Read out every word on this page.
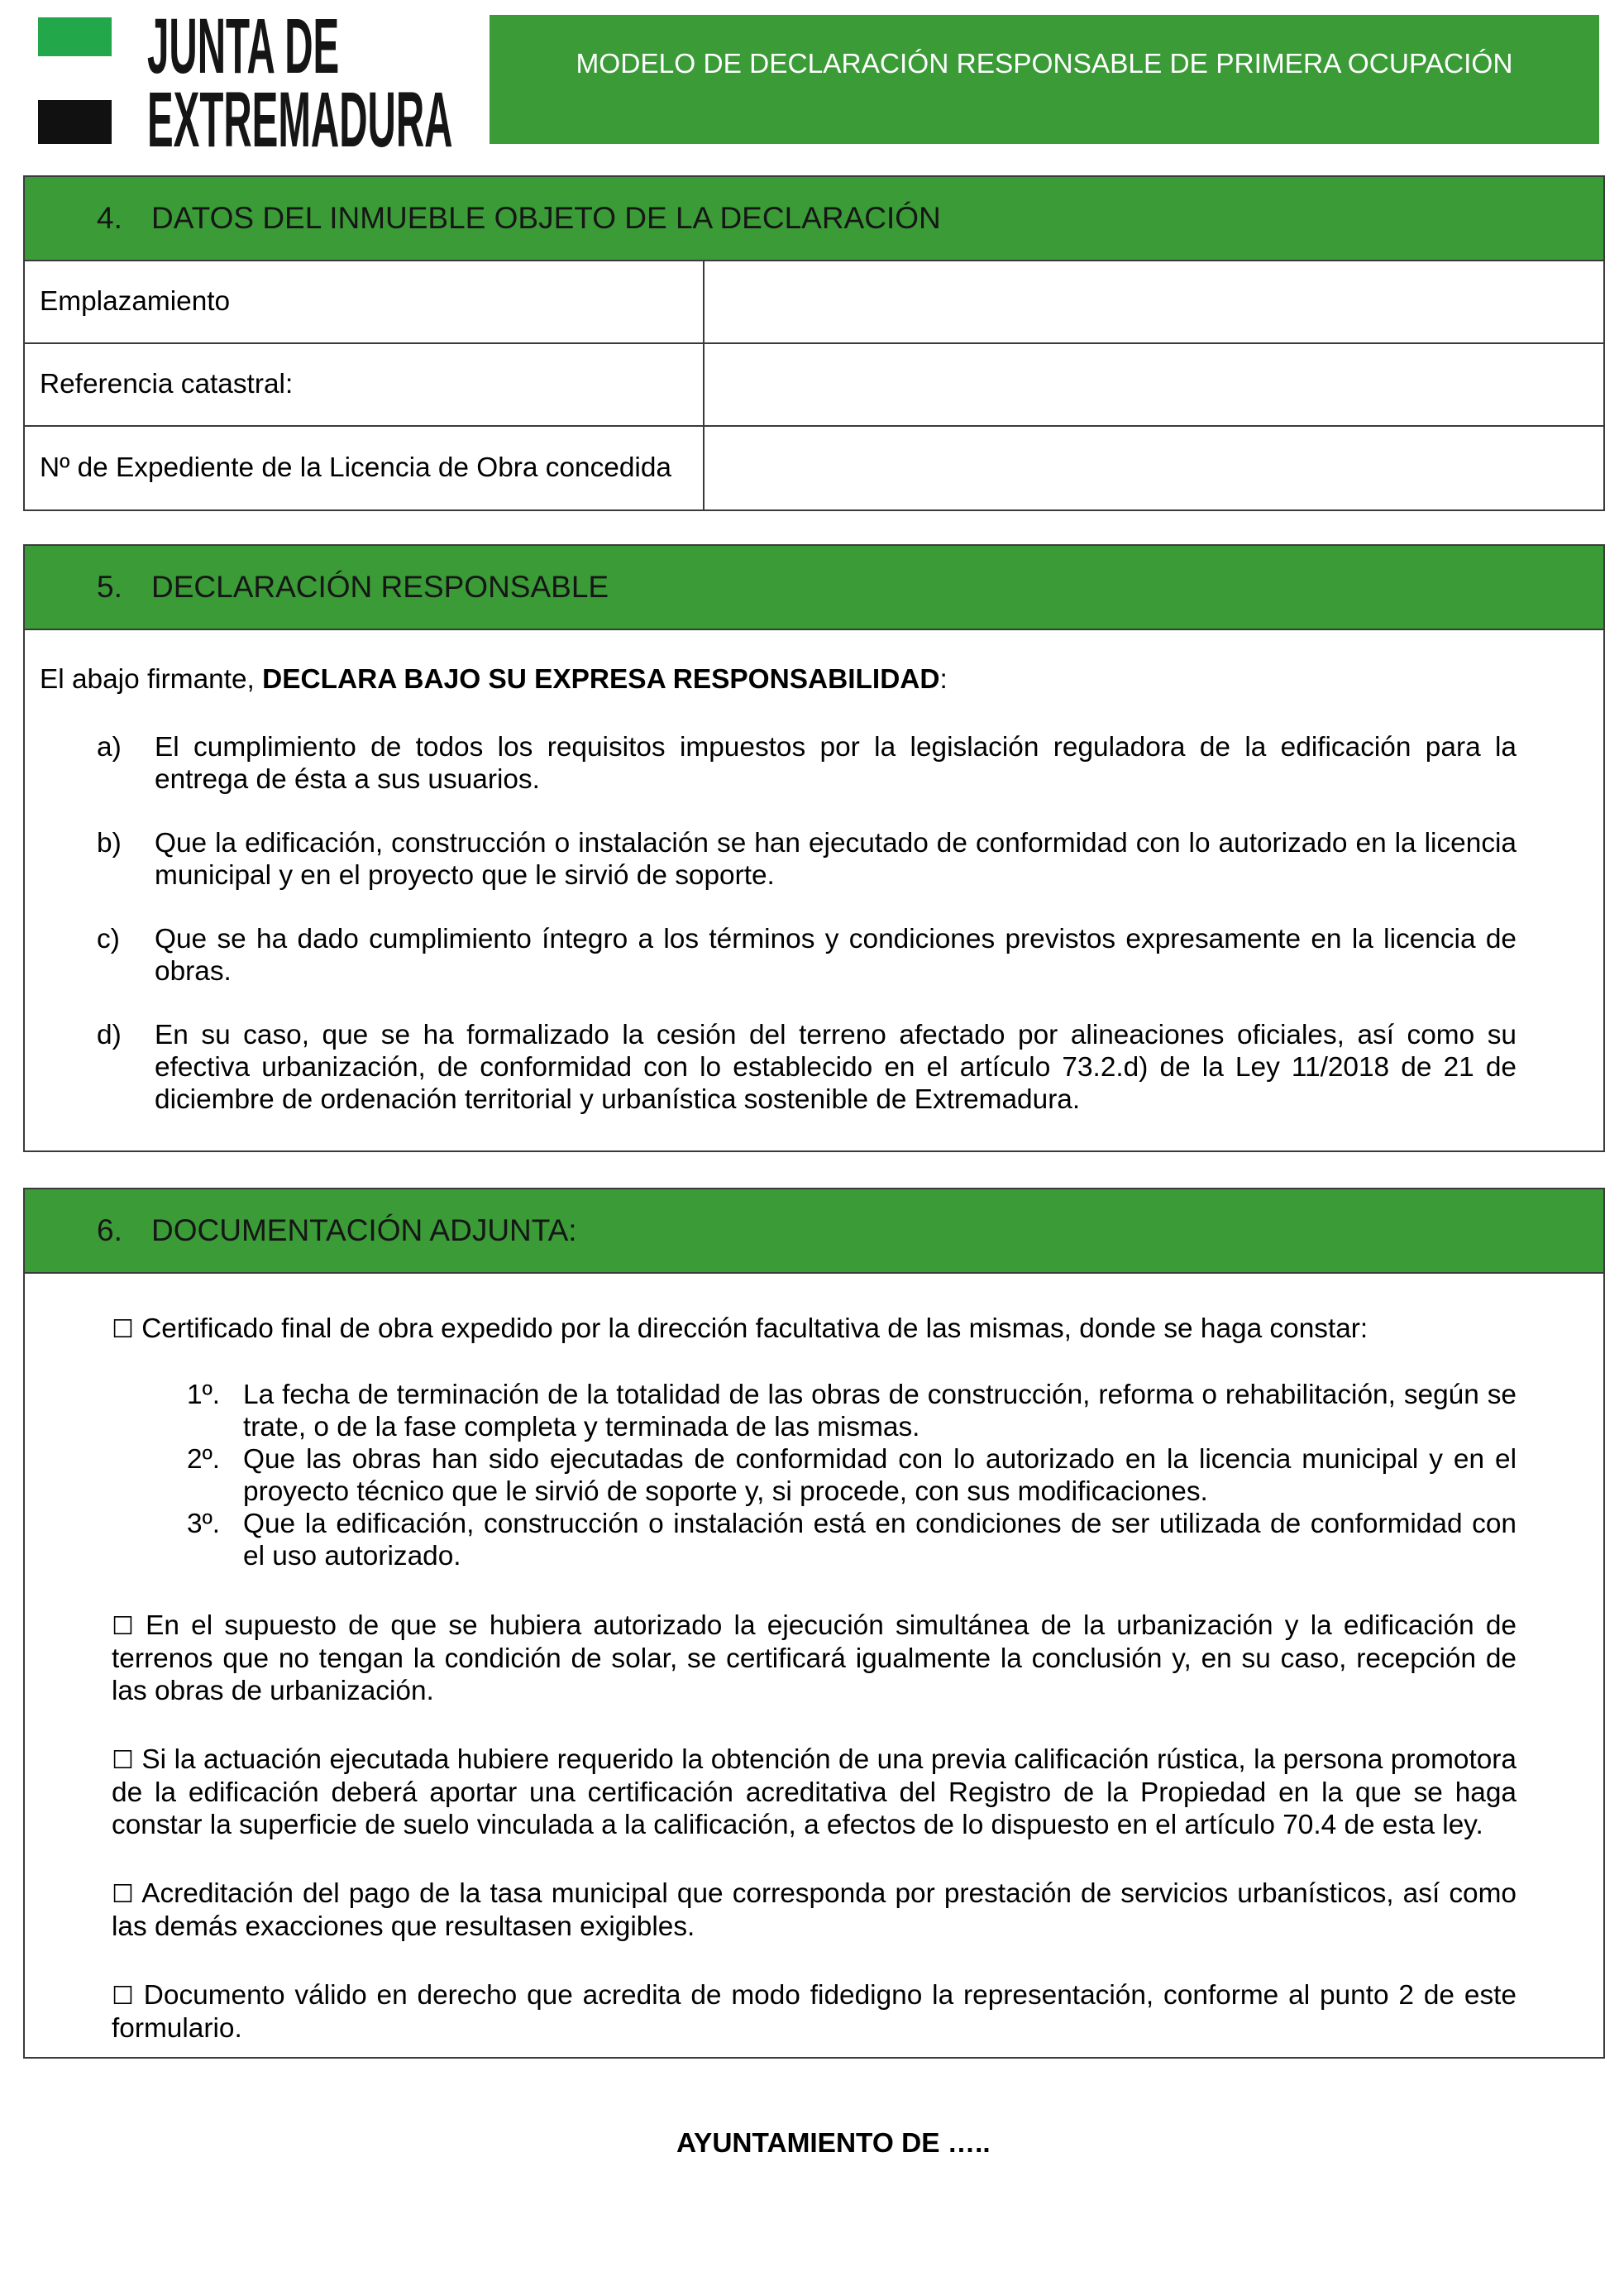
JUNTA DE
EXTREMADURA
MODELO DE DECLARACIÓN RESPONSABLE DE PRIMERA OCUPACIÓN
4. DATOS DEL INMUEBLE OBJETO DE LA DECLARACIÓN
Emplazamiento
Referencia catastral:
Nº de Expediente de la Licencia de Obra concedida
5. DECLARACIÓN RESPONSABLE
El abajo firmante, DECLARA BAJO SU EXPRESA RESPONSABILIDAD:
a) El cumplimiento de todos los requisitos impuestos por la legislación reguladora de la edificación para la entrega de ésta a sus usuarios.
b) Que la edificación, construcción o instalación se han ejecutado de conformidad con lo autorizado en la licencia municipal y en el proyecto que le sirvió de soporte.
c) Que se ha dado cumplimiento íntegro a los términos y condiciones previstos expresamente en la licencia de obras.
d) En su caso, que se ha formalizado la cesión del terreno afectado por alineaciones oficiales, así como su efectiva urbanización, de conformidad con lo establecido en el artículo 73.2.d) de la Ley 11/2018 de 21 de diciembre de ordenación territorial y urbanística sostenible de Extremadura.
6. DOCUMENTACIÓN ADJUNTA:
☐ Certificado final de obra expedido por la dirección facultativa de las mismas, donde se haga constar:
1º. La fecha de terminación de la totalidad de las obras de construcción, reforma o rehabilitación, según se trate, o de la fase completa y terminada de las mismas.
2º. Que las obras han sido ejecutadas de conformidad con lo autorizado en la licencia municipal y en el proyecto técnico que le sirvió de soporte y, si procede, con sus modificaciones.
3º. Que la edificación, construcción o instalación está en condiciones de ser utilizada de conformidad con el uso autorizado.
☐ En el supuesto de que se hubiera autorizado la ejecución simultánea de la urbanización y la edificación de terrenos que no tengan la condición de solar, se certificará igualmente la conclusión y, en su caso, recepción de las obras de urbanización.
☐ Si la actuación ejecutada hubiere requerido la obtención de una previa calificación rústica, la persona promotora de la edificación deberá aportar una certificación acreditativa del Registro de la Propiedad en la que se haga constar la superficie de suelo vinculada a la calificación, a efectos de lo dispuesto en el artículo 70.4 de esta ley.
☐ Acreditación del pago de la tasa municipal que corresponda por prestación de servicios urbanísticos, así como las demás exacciones que resultasen exigibles.
☐ Documento válido en derecho que acredita de modo fidedigno la representación, conforme al punto 2 de este formulario.
AYUNTAMIENTO DE …..
